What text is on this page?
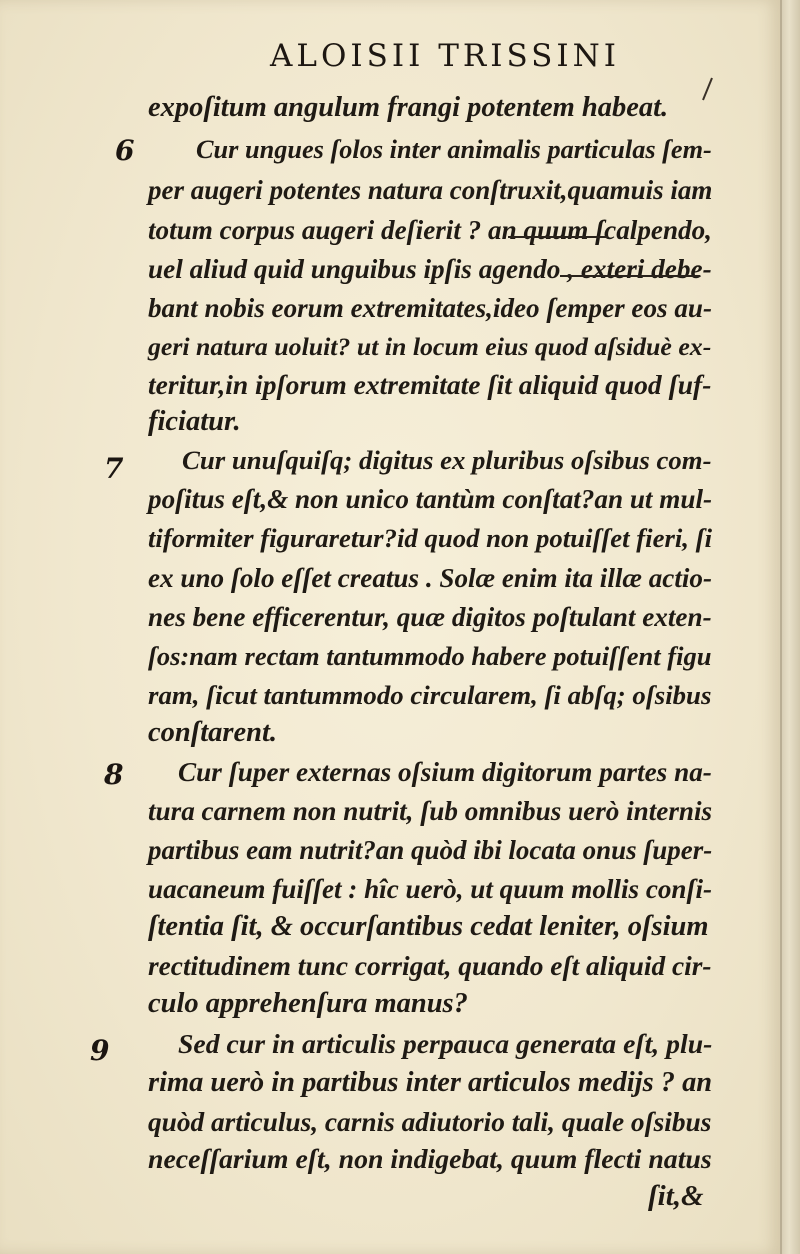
ALOISII TRISSINI
expoſitum angulum frangi potentem habeat.
Cur ungues ſolos inter animalis particulas ſem-
per augeri potentes natura conſtruxit,quamuis iam
totum corpus augeri deſierit ? an quum ſcalpendo,
uel aliud quid unguibus ipſis agendo , exteri debe-
bant nobis eorum extremitates,ideo ſemper eos au-
geri natura uoluit? ut in locum eius quod aſsiduè ex-
teritur,in ipſorum extremitate ſit aliquid quod ſuf-
ficiatur.
Cur unuſquiſq; digitus ex pluribus oſsibus com-
poſitus eſt,& non unico tantùm conſtat?an ut mul-
tiformiter figuraretur?id quod non potuiſſet fieri, ſi
ex uno ſolo eſſet creatus . Solæ enim ita illæ actio-
nes bene efficerentur, quæ digitos poſtulant exten-
ſos:nam rectam tantummodo habere potuiſſent figu
ram, ſicut tantummodo circularem, ſi abſq; oſsibus
conſtarent.
Cur ſuper externas oſsium digitorum partes na-
tura carnem non nutrit, ſub omnibus uerò internis
partibus eam nutrit?an quòd ibi locata onus ſuper-
uacaneum fuiſſet : hîc uerò, ut quum mollis conſi-
ſtentia ſit, & occurſantibus cedat leniter, oſsium
rectitudinem tunc corrigat, quando eſt aliquid cir-
culo apprehenſura manus?
Sed cur in articulis perpauca generata eſt, plu-
rima uerò in partibus inter articulos medijs ? an
quòd articulus, carnis adiutorio tali, quale oſsibus
neceſſarium eſt, non indigebat, quum flecti natus
ſit,&
6
7
8
9
